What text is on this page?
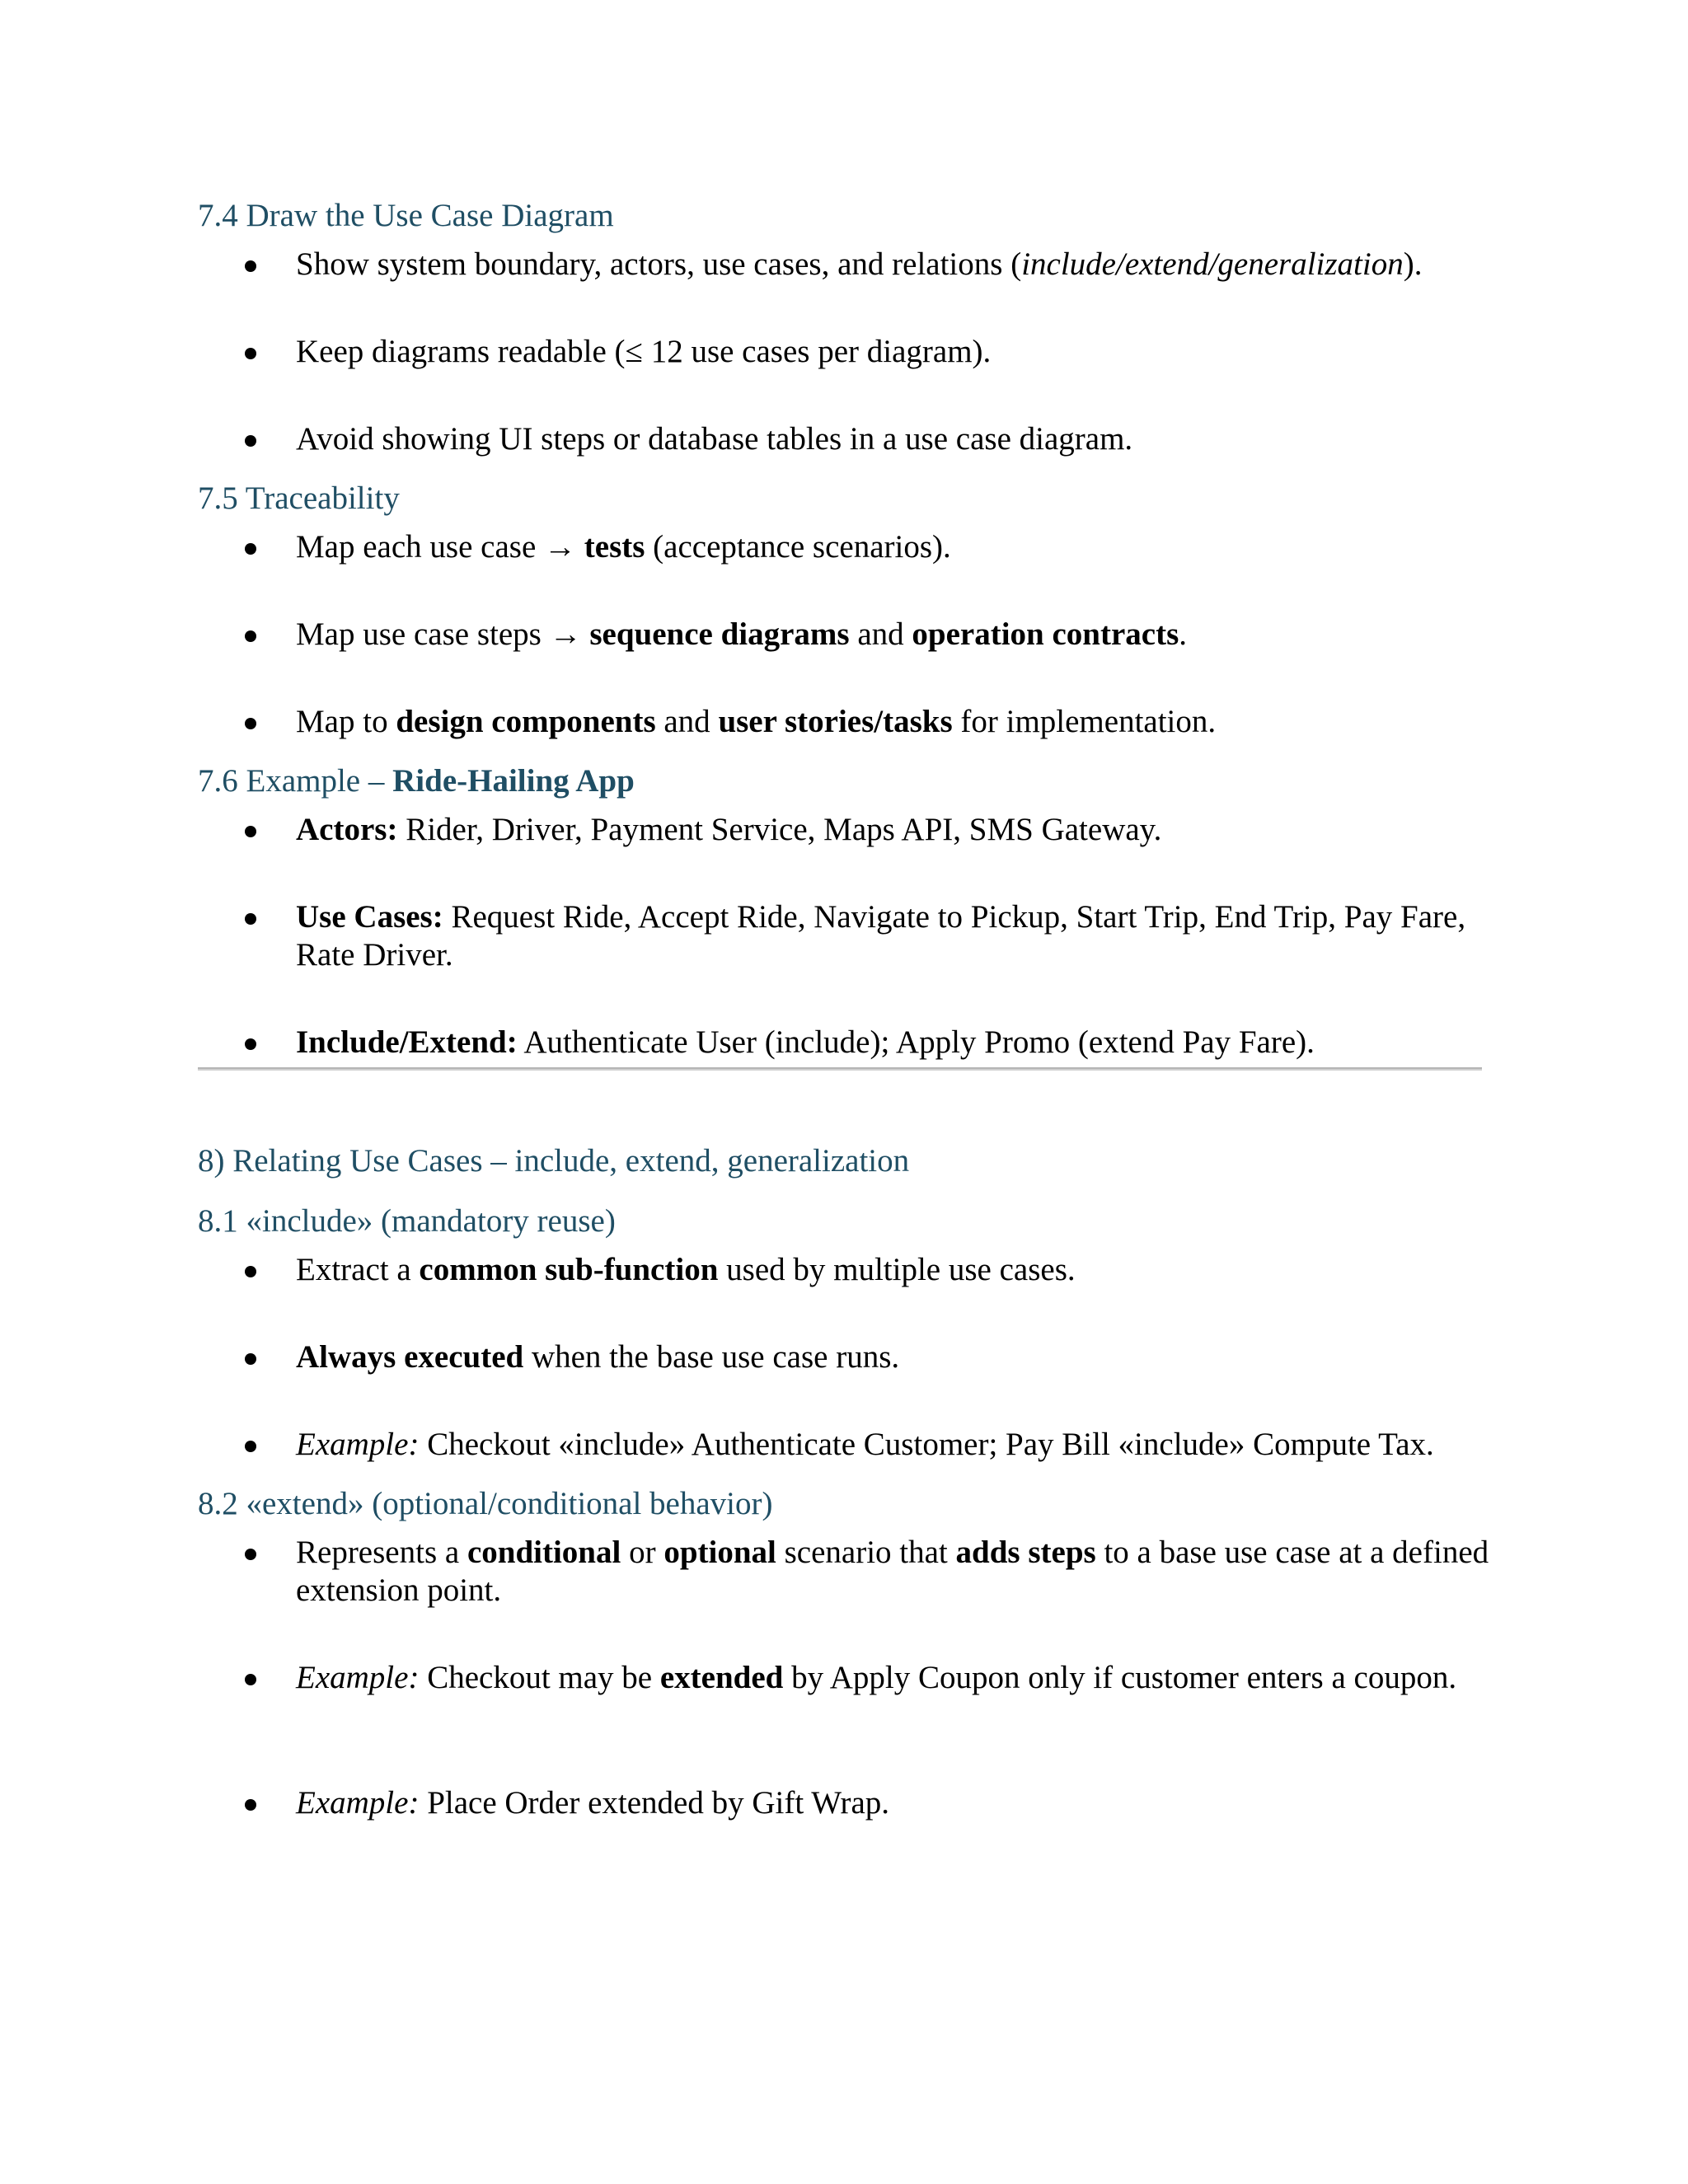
7.4 Draw the Use Case Diagram
Show system boundary, actors, use cases, and relations (include/extend/generalization).
Keep diagrams readable (≤ 12 use cases per diagram).
Avoid showing UI steps or database tables in a use case diagram.
7.5 Traceability
Map each use case → tests (acceptance scenarios).
Map use case steps → sequence diagrams and operation contracts.
Map to design components and user stories/tasks for implementation.
7.6 Example – Ride-Hailing App
Actors: Rider, Driver, Payment Service, Maps API, SMS Gateway.
Use Cases: Request Ride, Accept Ride, Navigate to Pickup, Start Trip, End Trip, Pay Fare, Rate Driver.
Include/Extend: Authenticate User (include); Apply Promo (extend Pay Fare).
8) Relating Use Cases – include, extend, generalization
8.1 «include» (mandatory reuse)
Extract a common sub-function used by multiple use cases.
Always executed when the base use case runs.
Example: Checkout «include» Authenticate Customer; Pay Bill «include» Compute Tax.
8.2 «extend» (optional/conditional behavior)
Represents a conditional or optional scenario that adds steps to a base use case at a defined extension point.
Example: Checkout may be extended by Apply Coupon only if customer enters a coupon.
Example: Place Order extended by Gift Wrap.
